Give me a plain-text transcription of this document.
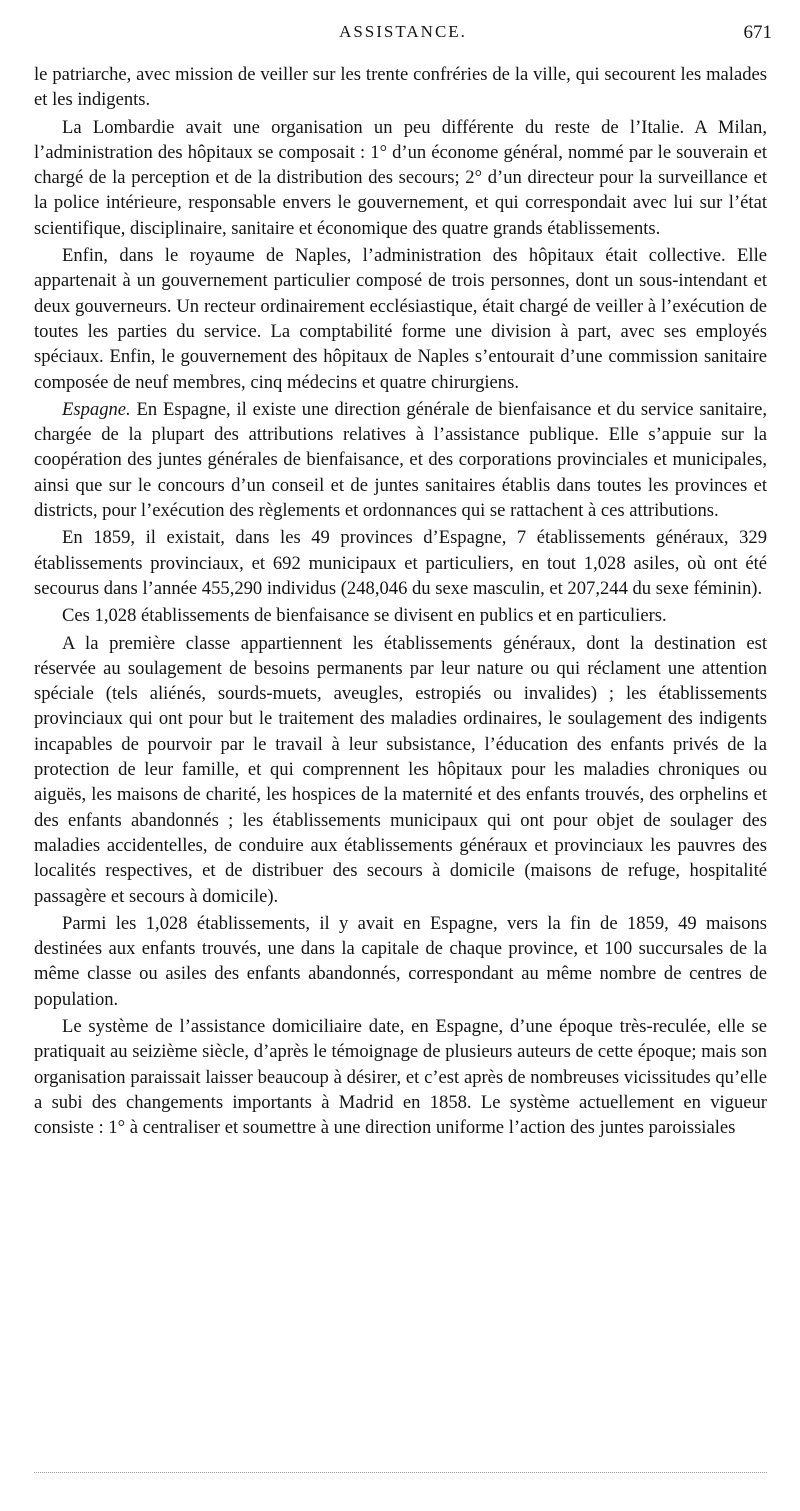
ASSISTANCE.	671

le patriarche, avec mission de veiller sur les trente confréries de la ville, qui secourent les malades et les indigents.

La Lombardie avait une organisation un peu différente du reste de l’Italie. A Milan, l’administration des hôpitaux se composait : 1° d’un économe général, nommé par le souverain et chargé de la perception et de la distribution des secours; 2° d’un directeur pour la surveillance et la police intérieure, responsable envers le gouvernement, et qui correspondait avec lui sur l’état scientifique, disciplinaire, sanitaire et économique des quatre grands établissements.

Enfin, dans le royaume de Naples, l’administration des hôpitaux était collective. Elle appartenait à un gouvernement particulier composé de trois personnes, dont un sous-intendant et deux gouverneurs. Un recteur ordinairement ecclésiastique, était chargé de veiller à l’exécution de toutes les parties du service. La comptabilité forme une division à part, avec ses employés spéciaux. Enfin, le gouvernement des hôpitaux de Naples s’entourait d’une commission sanitaire composée de neuf membres, cinq médecins et quatre chirurgiens.

Espagne. En Espagne, il existe une direction générale de bienfaisance et du service sanitaire, chargée de la plupart des attributions relatives à l’assistance publique. Elle s’appuie sur la coopération des juntes générales de bienfaisance, et des corporations provinciales et municipales, ainsi que sur le concours d’un conseil et de juntes sanitaires établis dans toutes les provinces et districts, pour l’exécution des règlements et ordonnances qui se rattachent à ces attributions.

En 1859, il existait, dans les 49 provinces d’Espagne, 7 établissements généraux, 329 établissements provinciaux, et 692 municipaux et particuliers, en tout 1,028 asiles, où ont été secourus dans l’année 455,290 individus (248,046 du sexe masculin, et 207,244 du sexe féminin).

Ces 1,028 établissements de bienfaisance se divisent en publics et en particuliers.

A la première classe appartiennent les établissements généraux, dont la destination est réservée au soulagement de besoins permanents par leur nature ou qui réclament une attention spéciale (tels aliénés, sourds-muets, aveugles, estropiés ou invalides) ; les établissements provinciaux qui ont pour but le traitement des maladies ordinaires, le soulagement des indigents incapables de pourvoir par le travail à leur subsistance, l’éducation des enfants privés de la protection de leur famille, et qui comprennent les hôpitaux pour les maladies chroniques ou aiguës, les maisons de charité, les hospices de la maternité et des enfants trouvés, des orphelins et des enfants abandonnés ; les établissements municipaux qui ont pour objet de soulager des maladies accidentelles, de conduire aux établissements généraux et provinciaux les pauvres des localités respectives, et de distribuer des secours à domicile (maisons de refuge, hospitalité passagère et secours à domicile).

Parmi les 1,028 établissements, il y avait en Espagne, vers la fin de 1859, 49 maisons destinées aux enfants trouvés, une dans la capitale de chaque province, et 100 succursales de la même classe ou asiles des enfants abandonnés, correspondant au même nombre de centres de population.

Le système de l’assistance domiciliaire date, en Espagne, d’une époque très-reculée, elle se pratiquait au seizième siècle, d’après le témoignage de plusieurs auteurs de cette époque; mais son organisation paraissait laisser beaucoup à désirer, et c’est après de nombreuses vicissitudes qu’elle a subi des changements importants à Madrid en 1858. Le système actuellement en vigueur consiste : 1° à centraliser et soumettre à une direction uniforme l’action des juntes paroissiales
